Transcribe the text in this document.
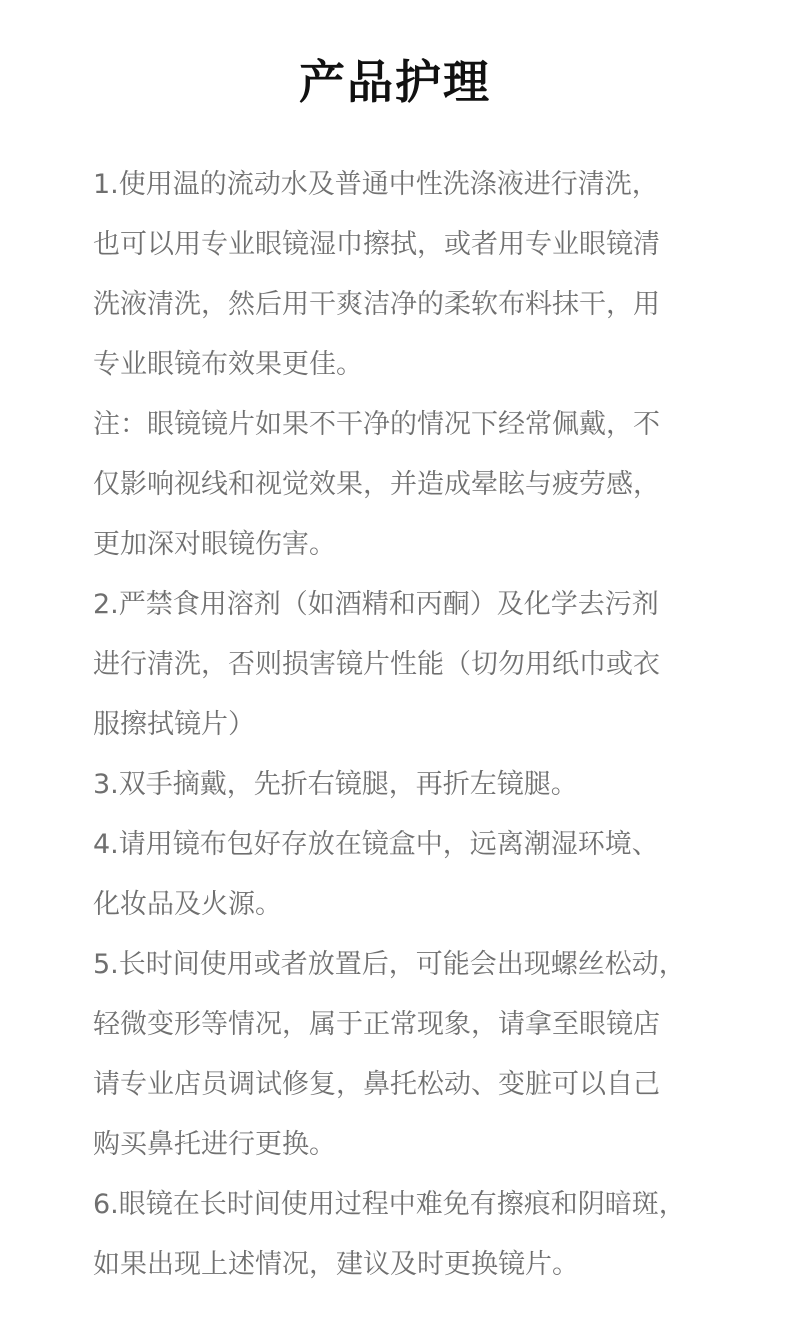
产品护理
1.使用温的流动水及普通中性洗涤液进行清洗，
也可以用专业眼镜湿巾擦拭，或者用专业眼镜清
洗液清洗，然后用干爽洁净的柔软布料抹干，用
专业眼镜布效果更佳。
注：眼镜镜片如果不干净的情况下经常佩戴，不
仅影响视线和视觉效果，并造成晕眩与疲劳感，
更加深对眼镜伤害。
2.严禁食用溶剂（如酒精和丙酮）及化学去污剂
进行清洗，否则损害镜片性能（切勿用纸巾或衣
服擦拭镜片）
3.双手摘戴，先折右镜腿，再折左镜腿。
4.请用镜布包好存放在镜盒中，远离潮湿环境、
化妆品及火源。
5.长时间使用或者放置后，可能会出现螺丝松动，
轻微变形等情况，属于正常现象，请拿至眼镜店
请专业店员调试修复，鼻托松动、变脏可以自己
购买鼻托进行更换。
6.眼镜在长时间使用过程中难免有擦痕和阴暗斑，
如果出现上述情况，建议及时更换镜片。
